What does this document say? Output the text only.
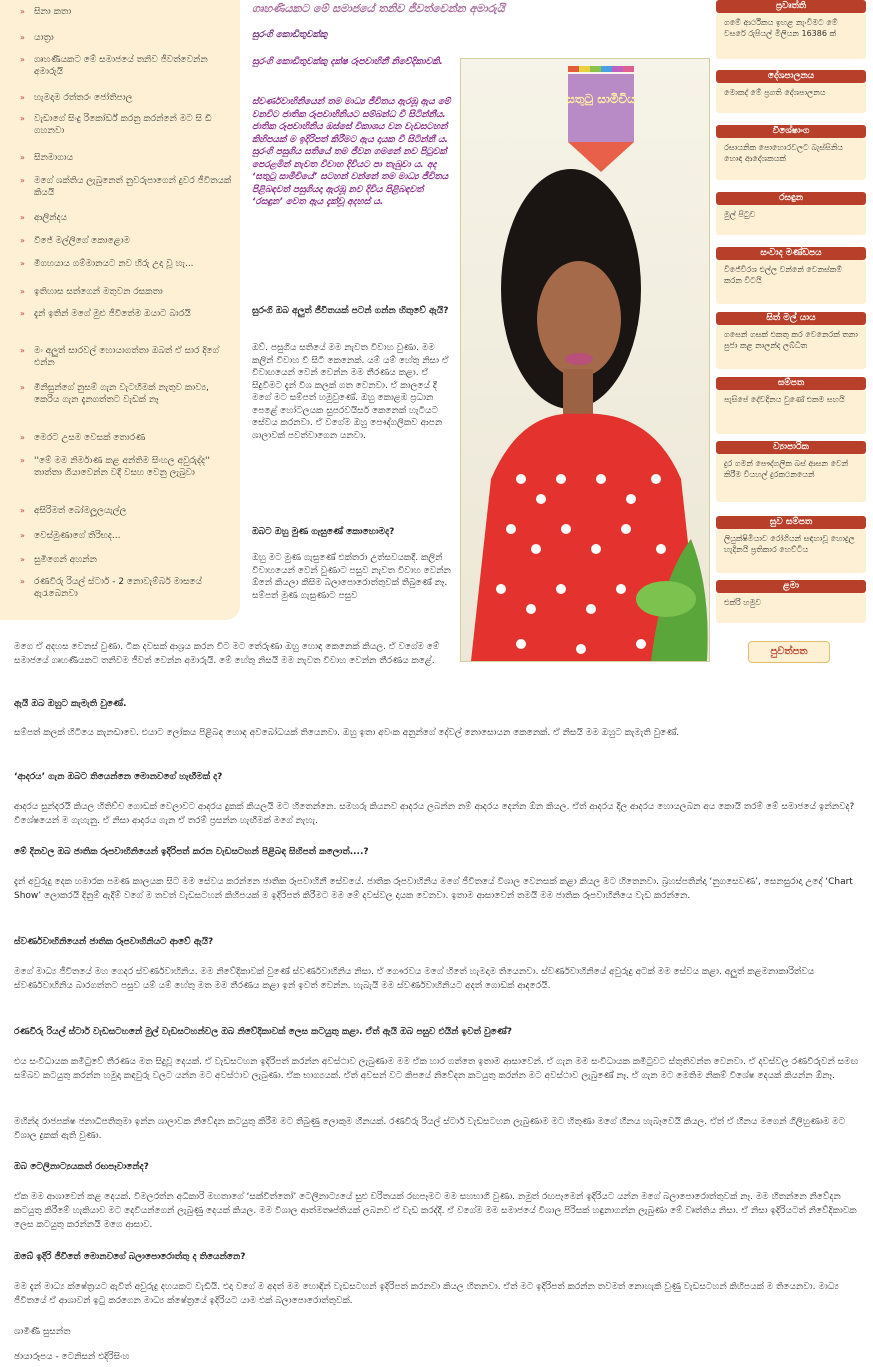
» සිනා කතා
» යාත්‍රා
» ගෘහණියකට මේ සමාජයේ තනිව ජීවත්වෙන්න අමාරුයි
» හැමදාම රත්තරං ජෝතිපාල
» වැඩාගේ සිංදු රිකෝර්ඩ් කරනු කරන්නේ මට සි ඩි ගහනවා
» සිනමාගාය
» මගේ ශක්තිය ලැබුනෙත් නුවරුපාගෙන් දුවර ජීවිතයක් කියයි
» ආලින්දය
» විජේ මල්ලිගේ කොළොම
» මිගහයාය ගම්මානයට නව හිරු උදා වූ හැ...
» ඉතිහාස සත්ගෙන් මතුවන රසකතා
» දැන් ඉතින් මගේ මුළු ජීවිතේම ඔයාට බාරයි
» මං අලුත් සාරවල් හොයාගත්තා ඔබත් ඒ සාර දිගේ එන්න
» මිනිසුන්ගේ නුසම් ගැන වැටහීමක් නැතුව කාව්‍ය, කෙරිය ගැන දැනගත්තට වැඩක් නෑ
» මෙරට උසම වෙසක් තොරණ
» ''මේ මම නිර්මාණ කළ අන්තිම සිංහල අවුරුද්ද'' තාත්තා ගියාවෙන්න වදී වසහ වෙනු ලැබුවා
» අසිරිමත් බෝමලූලයැල්ල
» වෙස්මුණාගේ තිරිභද...
» සුමිගෙන් අහන්න
» රණවිරු රියල් ස්ටාර් - 2 නොවැම්බර් මාසයේ ඇරැබෙනවා
ගෘහණියකට මේ සමාජයේ තනිව ජීවත්වෙන්න අමාරුයි
සුරංගි කොඩිතුවක්කු
සුරංගි කොඩිතුවක්කු දක්ෂ රූපවාහිනී නිවේදිකාවකි.
ස්වර්ණවාහිනියෙන් තම මාධ්‍ය ජීවිතය ඇරඹූ ඇය මේ වනවිට ජාතික රූපවාහිනියට සම්බන්ධ වී සිටින්නීය. ජාතික රූපවාහිනිය ඔස්සේ විකාශය වන වැඩසටහන් කිහිපයක් ම ඉදිරිපත් කිරීමට ඇය දායක වී සිටින්නී ය. සුරංගි පසුගිය සතියේ තම ජීවන ගමනේ නව පිටුවක් පෙරළමින් නැවත විවාහ දිවියට පා තැබුවා ය. අද ‘සතුටු සාමීචියේ’ සටහන් වන්නේ තම මාධ්‍ය ජීවිතය පිළිබඳවත් පසුගියදා ඇරඹූ නව දිවිය පිළිබඳවත් ‘රසඳුන’ වෙත ඇය දැක්වූ අදහස් ය.
සුරංගි ඔබ අලුත් ජීවිතයක් පටන් ගන්න හිතුවේ ඇයි?
ඔව්. පසුගිය සතියේ මම නැවත විවාහ වුණා. මම කලින් විවාහ වී සිටි කෙනෙක්. යම් යම් හේතු නිසා ඒ විවාහයෙන් වෙන් වෙන්න මම තීරණය කළා. ඒ සිදුවීමට දැන් විශ කලක් ගත වෙනවා. ඒ කාලයේ දී මගේ මට සම්පත් හමුවුණේ. ඔහු කොළඹ ප්‍රධාන පෙළේ හෝටලයක සුපරවයිසර් කෙනෙක් හැටියට සේවය කරනවා. ඒ වගේම ඔහු පෞද්ගලිකව ආපන ශාලාවක් පවත්වාගෙන යනවා.
ඔබට ඔහු මුණ ගැසුණේ කොහොමද?
ඔහු මට මුණ ගැසුණේ එක්තරා උත්සවයකදී. කලින් විවාහයෙන් වෙන් වුණාට පසුව නැවත විවාහ වෙන්න ඕනේ කියලා කිසිම බලාපොරොත්තුවක් තිබුණේ නෑ. සම්පත් මුණ ගැසුණාට පසුව
සතුටු සාමීචිය
ප්‍රවෘත්ති
ගමේ ආර්ථිකය ඉහළ නැංවීමට මේ වසරේ රුපියල් මිලියන 16386 ක්
දේශපාලනය
මොකද් මේ ප්‍රගති දේශපාලනය
විශේෂාංග
රසායනික පොහොරවලට බැස්සිනිය හොඳ ආදේශකයක්
රසඳුන
මුල් පිටුව
සංවාද මණ්ඩපය
විජේවීරශ එල්ල වන්නේ වෙනස්කම් කරන විටයි
සිත් මල් යාය
ගසෙන් ගසක් එකතු කර වෙනෙරක් තනා පුජා කළ නාලන්ද ලබ්ධිත
සම්පත
පැසිපේ දේවදිනය වුණේ එකම සහයි
ව්‍යාපාරික
දුර ගමන් පෞද්ගලික බස් ආසන වෙන් කිරීම වියහල් දුරකථනයෙන්
සුව සම්පත
ලියුක්ෂිමියාව රෝගියන් සඳහාවූ හොදුල හැදිනයි ප්‍රතිකාර හෙව්ටිය
ළමා
එක්රි හමුව
පුවත්පත
මගෙ ඒ අදහස වෙනස් වුණා. ටික දවසක් ආශ්‍රය කරන විට මට තේරුණා ඔහු හොඳ කෙනෙක් කියල. ඒ වගේම මේ සමාජයේ ගෘහණියකට තනිවම ජීවත් වෙන්න අමාරුයි. මේ හේතු නිසයි මම නැවත විවාහ වෙන්න තීරණය කළේ.
ඇයි ඔබ ඔහුට කැමැති වුණේ.
සම්පත් කලක් හිටියෙ කැනඩාවෙ. එයාට ලෝකය පිළිබඳ හොඳ අවබෝධයක් තියෙනවා. ඔහු ඉතා අවංක අනුන්ගේ දේවල් නොසොයන කෙනෙක්. ඒ නිසයි මම ඔහුට කැමැති වුණේ.
‘ආදරය’ ගැන ඔබට තියෙන්නෙ මොනවගේ හැඟීමක් ද?
ආදරය සුන්දරයි කියල හිතිච්ච ගොඩක් වෙලාවට ආදරය දුකක් කියලයි මට හිතෙන්නෙ. සමහරු කියනව ආදරය ලබන්න නම් ආදරය දෙන්න ඕන කියල. ඒත් ආදරය දීල ආදරය හොයලබන අය කොයි තරම් මේ සමාජයේ ඉන්නවද? විශේෂයෙන් ම ගැහැනු. ඒ නිසා ආදරය ගැන ඒ තරම් ප්‍රසන්න හැඟීමක් මගේ නැහැ.
මේ දිනවල ඔබ ජාතික රූපවාහිනියෙන් ඉදිරිපත් කරන වැඩසටහන් පිළිබඳ සිහිපත් කලොත්....?
දැන් අවුරුදු දෙක හමාරක පමණ කාලයක සිට මම සේවය කරන්නෙ ජාතික රූපවාහිනී සේවයේ. ජාතික රූපවාහිනිය මගේ ජීවිතයේ විශාල වෙනසක් කළා කියල මට හිතෙනවා. බ්‍රහස්පතින්දා ‘නුගසෙවණ’, සෙනසුරාදා උදේ ‘Chart Show’ ලොකරයි දිනුම් ඇදීම් වගේ ම තවත් වැඩසටහන් කිහිපයක් ම ඉදිරිපත් කිරීමට මම මේ දවස්වල දායක වෙනවා. ඉතාම ආසාවෙන් තමයි මම ජාතික රූපවාහිනියෙ වැඩ කරන්නෙ.
ස්වර්ණවාහිනියෙන් ජාතික රූපවාහිනියට ආවේ ඇයි?
මගේ මාධ්‍ය ජීවිතයේ මහ ගෙදර ස්වර්ණවාහිනිය. මම නිවේදිකාවක් වුණේ ස්වර්ණවාහිනිය නිසා. ඒ ගෞරවය මගේ හිතේ හැමදාම තියෙනවා. ස්වර්ණවාහිනියේ අවුරුදු අටක් මම සේවය කළා. අලුත් කළමනාකාරිත්වය ස්වර්ණවාහිනිය බාරගත්තට පසුව යම් යම් හේතු මත මම තීරණය කළා ඉන් ඉවත් වෙන්න. හැබැයි මම ස්වර්ණවාහිනියට අදත් ගොඩක් ආදරෙයි.
රණවිරු රියල් ස්ටාර් වැඩසටහනේ මුල් වැඩසටහන්වල ඔබ නිවේදිකාවක් ලෙස කටයුතු කළා. ඒත් ඇයි ඔබ පසුව එයින් ඉවත් වුණේ?
එය සංවිධායක කමිටුවේ තීරණය මත සිදුවූ දෙයක්. ඒ වැඩසටහන ඉදිරිපත් කරන්න අවස්ථාව ලැබුණාම මම ඒක හාර ගත්තෙ ඉතාම ආසාවෙන්. ඒ ගැන මම සංවිධායක කමිටුවට ස්තුතිවන්ත වෙනවා. ඒ දවස්වල රණවිරුවන් සමඟ සම්බව කටයුතු කරන්න හමුදා කඳවුරු වලට යන්න මට අවස්ථාව ලැබුණා. ඒක භාග්‍යයක්. ඒත් අවසන් වට කිපයේ නිවේදන කටයුතු කරන්න මට අවස්ථාව ලැබුණේ නෑ. ඒ ගැන මට මෙතිම නිකම් විශේෂ දෙයක් කියන්න ඕනෑ.
මහින්ද රාජපක්ෂ ජනාධිපතිතුමා ඉන්න ශාලාවක නිවේදන කටයුතු කිරීම මට තිබුණු ලොකුම හීනයක්. රණවිරු රියල් ස්ටාර් වැඩසටහන ලැබුණාම මට හිතුණා මගේ හීනය හැබෑවෙයි කියල. ඒත් ඒ හීනය මගෙන් ගිලිහුණාම මට විශාල දුකක් ඇති වුණා.
ඔබ ටෙලිනාට්‍යයකත් රඟපෑවානේද?
ඒක මම ආශාවෙන් කළ දෙයක්. විමලරත්න අධිකාරි මහතාගේ ‘සක්විත්තෝ’ ටෙලිනාට්‍යයේ සුළු චරිතයක් රඟපෑමට මම සහභාගි වුණා. නමුත් රඟපෑමෙන් ඉදිරියට යන්න මගේ බලාපොරොත්තුවක් නෑ. මම හිතන්නෙ නිවේදන කටයුතු කිරීමේ හැකියාව මට දෙවියන්ගෙන් ලැබුණු දෙයක් කියල. මම විශාල ආත්මතෘප්තියක් ලබනව ඒ වැඩ කරද්දී. ඒ වගේම මම සමාජයේ විශාල පිරිසක් හඳුනාගන්න ලැබුණා මේ වෘත්තිය නිසා. ඒ නිසා ඉදිරියටත් නිවේදිකාවක ලෙස කටයුතු කරන්නයි මගෙ ආසාව.
ඔබේ ඉදිරි ජීවිතේ මොනවගේ බලාපොරොත්තු ද තියෙන්නෙ?
මම දැන් මාධ්‍ය ක්ෂේත්‍රයට ඇවිත් අවුරුදු දහයකට වැඩියි. එදා වගේ ම අදත් මම හොඳින් වැඩසටහන් ඉදිරිපත් කරනවා කියල හිතනවා. ඒත් මට ඉදිරිපත් කරන්න තවමත් නොහැකි වුණු වැඩසටහන් කිහිපයක් ම තියෙනවා. මාධ්‍ය ජීවිතයේ ඒ ආශාවන් ඉටු කරගෙන මාධ්‍ය ක්ෂේත්‍රයේ ඉදිරියට යාම එක් බලාපොරොත්තුවක්.
ශාමිණී සුසන්ත
ඡායාරූපය - ටෙනිසන් එදිරිසිංහ
